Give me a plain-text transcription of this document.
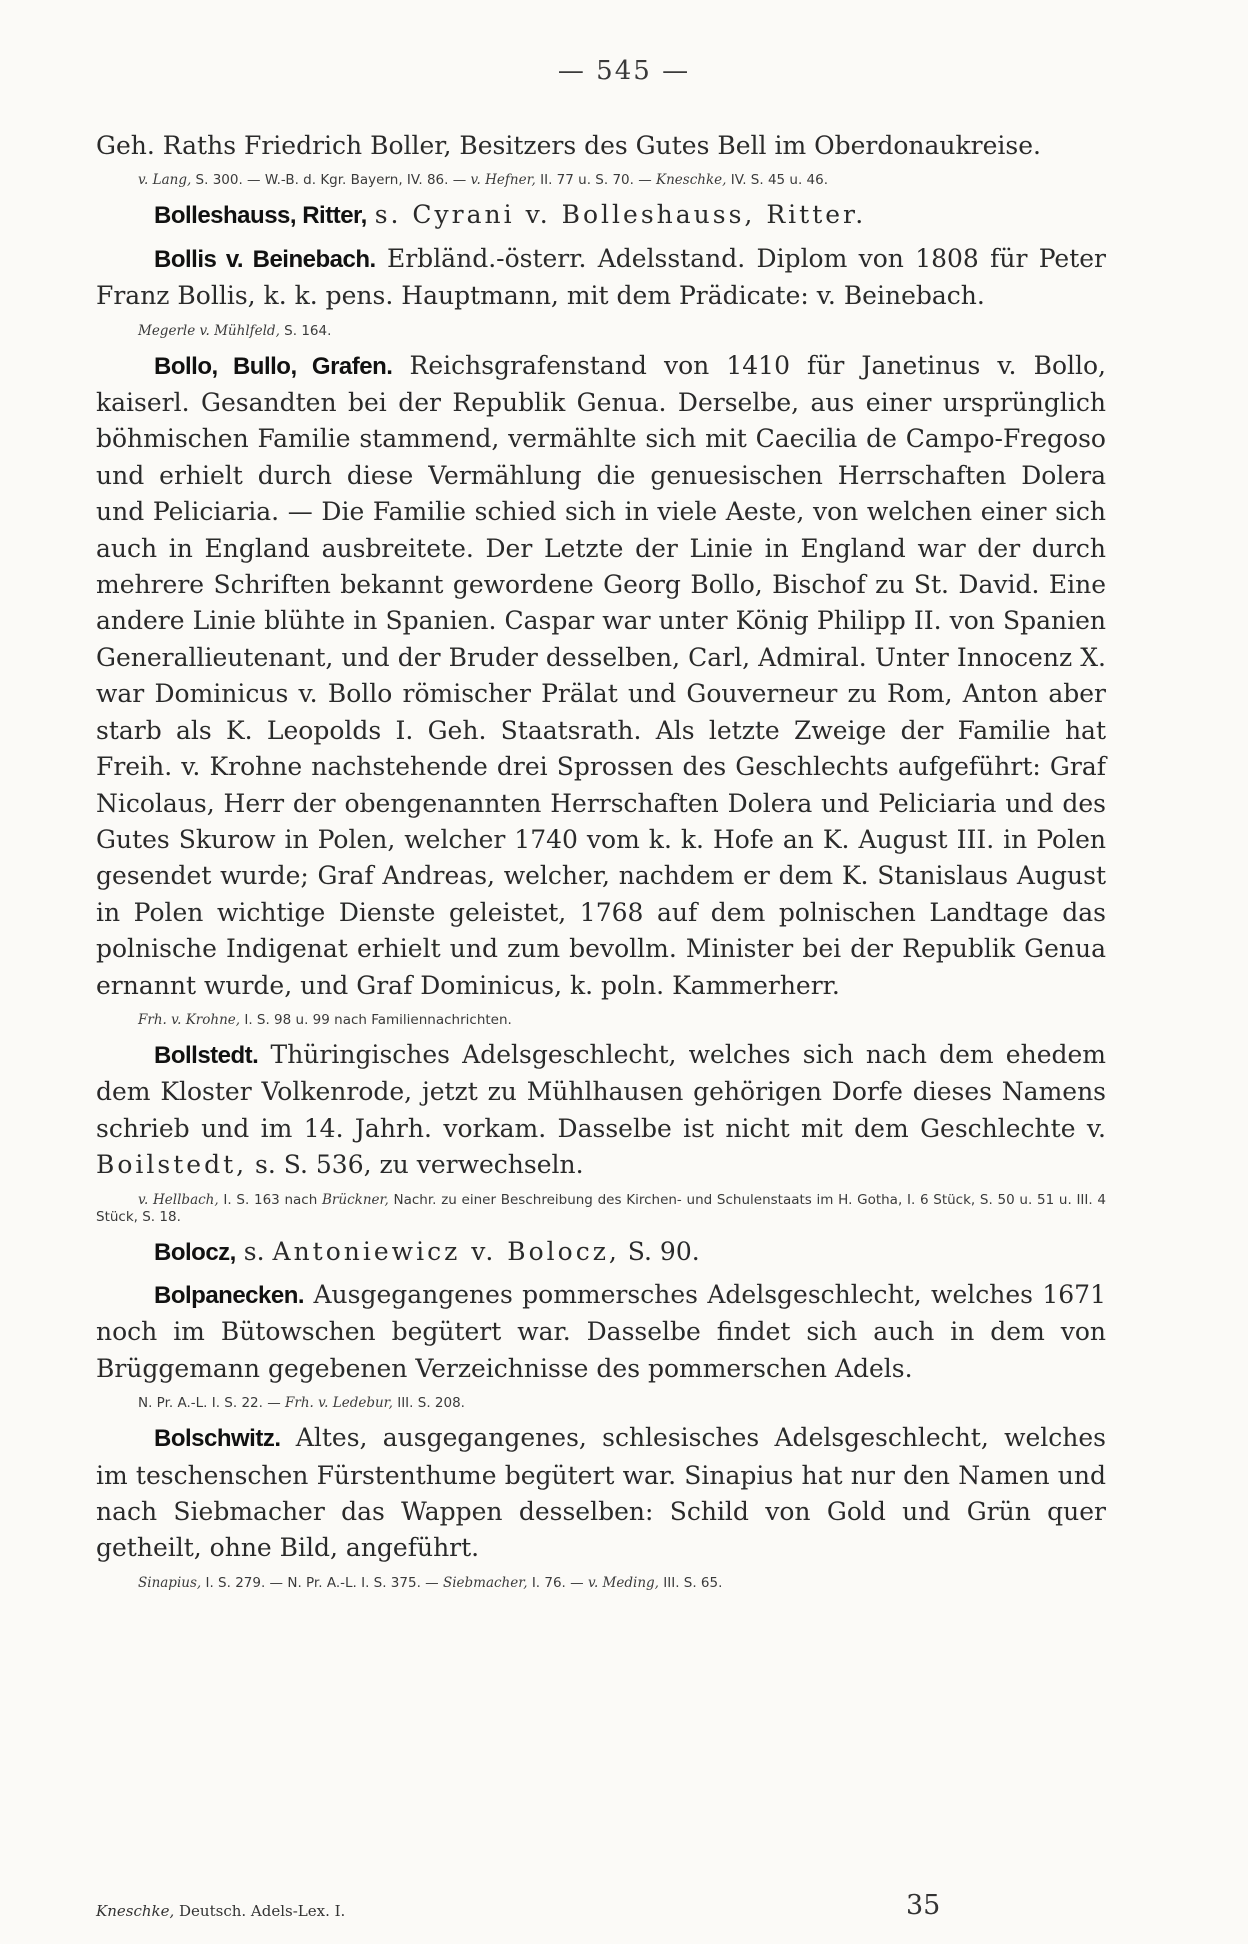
— 545 —

Geh. Raths Friedrich Boller, Besitzers des Gutes Bell im Oberdonaukreise.

v. Lang, S. 300. — W.-B. d. Kgr. Bayern, IV. 86. — v. Hefner, II. 77 u. S. 70. — Kneschke, IV. S. 45 u. 46.

Bolleshauss, Ritter, s. Cyrani v. Bolleshauss, Ritter.

Bollis v. Beinebach. Erbländ.-österr. Adelsstand. Diplom von 1808 für Peter Franz Bollis, k. k. pens. Hauptmann, mit dem Prädicate: v. Beinebach.

Megerle v. Mühlfeld, S. 164.

Bollo, Bullo, Grafen. Reichsgrafenstand von 1410 für Janetinus v. Bollo, kaiserl. Gesandten bei der Republik Genua. Derselbe, aus einer ursprünglich böhmischen Familie stammend, vermählte sich mit Caecilia de Campo-Fregoso und erhielt durch diese Vermählung die genuesischen Herrschaften Dolera und Peliciaria. — Die Familie schied sich in viele Aeste, von welchen einer sich auch in England ausbreitete. Der Letzte der Linie in England war der durch mehrere Schriften bekannt gewordene Georg Bollo, Bischof zu St. David. Eine andere Linie blühte in Spanien. Caspar war unter König Philipp II. von Spanien Generallieutenant, und der Bruder desselben, Carl, Admiral. Unter Innocenz X. war Dominicus v. Bollo römischer Prälat und Gouverneur zu Rom, Anton aber starb als K. Leopolds I. Geh. Staatsrath. Als letzte Zweige der Familie hat Freih. v. Krohne nachstehende drei Sprossen des Geschlechts aufgeführt: Graf Nicolaus, Herr der obengenannten Herrschaften Dolera und Peliciaria und des Gutes Skurow in Polen, welcher 1740 vom k. k. Hofe an K. August III. in Polen gesendet wurde; Graf Andreas, welcher, nachdem er dem K. Stanislaus August in Polen wichtige Dienste geleistet, 1768 auf dem polnischen Landtage das polnische Indigenat erhielt und zum bevollm. Minister bei der Republik Genua ernannt wurde, und Graf Dominicus, k. poln. Kammerherr.

Frh. v. Krohne, I. S. 98 u. 99 nach Familiennachrichten.

Bollstedt. Thüringisches Adelsgeschlecht, welches sich nach dem ehedem dem Kloster Volkenrode, jetzt zu Mühlhausen gehörigen Dorfe dieses Namens schrieb und im 14. Jahrh. vorkam. Dasselbe ist nicht mit dem Geschlechte v. Boilstedt, s. S. 536, zu verwechseln.

v. Hellbach, I. S. 163 nach Brückner, Nachr. zu einer Beschreibung des Kirchen- und Schulenstaats im H. Gotha, I. 6 Stück, S. 50 u. 51 u. III. 4 Stück, S. 18.

Bolocz, s. Antoniewicz v. Bolocz, S. 90.

Bolpanecken. Ausgegangenes pommersches Adelsgeschlecht, welches 1671 noch im Bütowschen begütert war. Dasselbe findet sich auch in dem von Brüggemann gegebenen Verzeichnisse des pommerschen Adels.

N. Pr. A.-L. I. S. 22. — Frh. v. Ledebur, III. S. 208.

Bolschwitz. Altes, ausgegangenes, schlesisches Adelsgeschlecht, welches im teschenschen Fürstenthume begütert war. Sinapius hat nur den Namen und nach Siebmacher das Wappen desselben: Schild von Gold und Grün quer getheilt, ohne Bild, angeführt.

Sinapius, I. S. 279. — N. Pr. A.-L. I. S. 375. — Siebmacher, I. 76. — v. Meding, III. S. 65.

Kneschke, Deutsch. Adels-Lex. I.	35
